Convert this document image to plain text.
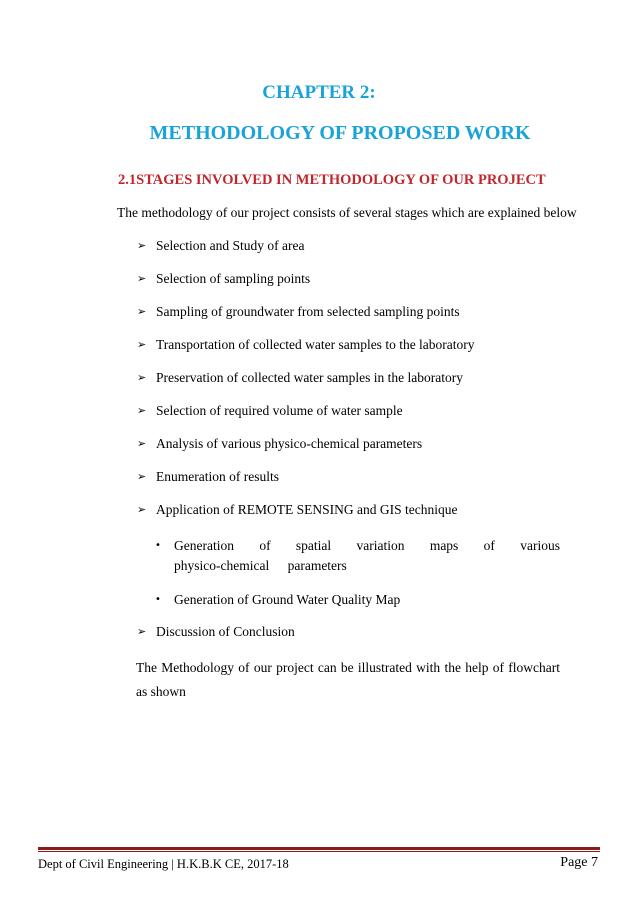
CHAPTER 2:
METHODOLOGY OF PROPOSED WORK
2.1STAGES INVOLVED IN METHODOLOGY OF OUR PROJECT
The methodology of our project consists of several stages which are explained below
➢ Selection and Study of area
➢ Selection of sampling points
➢ Sampling of groundwater from selected sampling points
➢ Transportation of collected water samples to the laboratory
➢ Preservation of collected water samples in the laboratory
➢ Selection of required volume of water sample
➢ Analysis of various physico-chemical parameters
➢ Enumeration of results
➢ Application of REMOTE SENSING and GIS technique
• Generation of spatial variation maps of various physico-chemical parameters
• Generation of Ground Water Quality Map
➢ Discussion of Conclusion
The Methodology of our project can be illustrated with the help of flowchart as shown
Dept of Civil Engineering | H.K.B.K CE, 2017-18	Page 7
